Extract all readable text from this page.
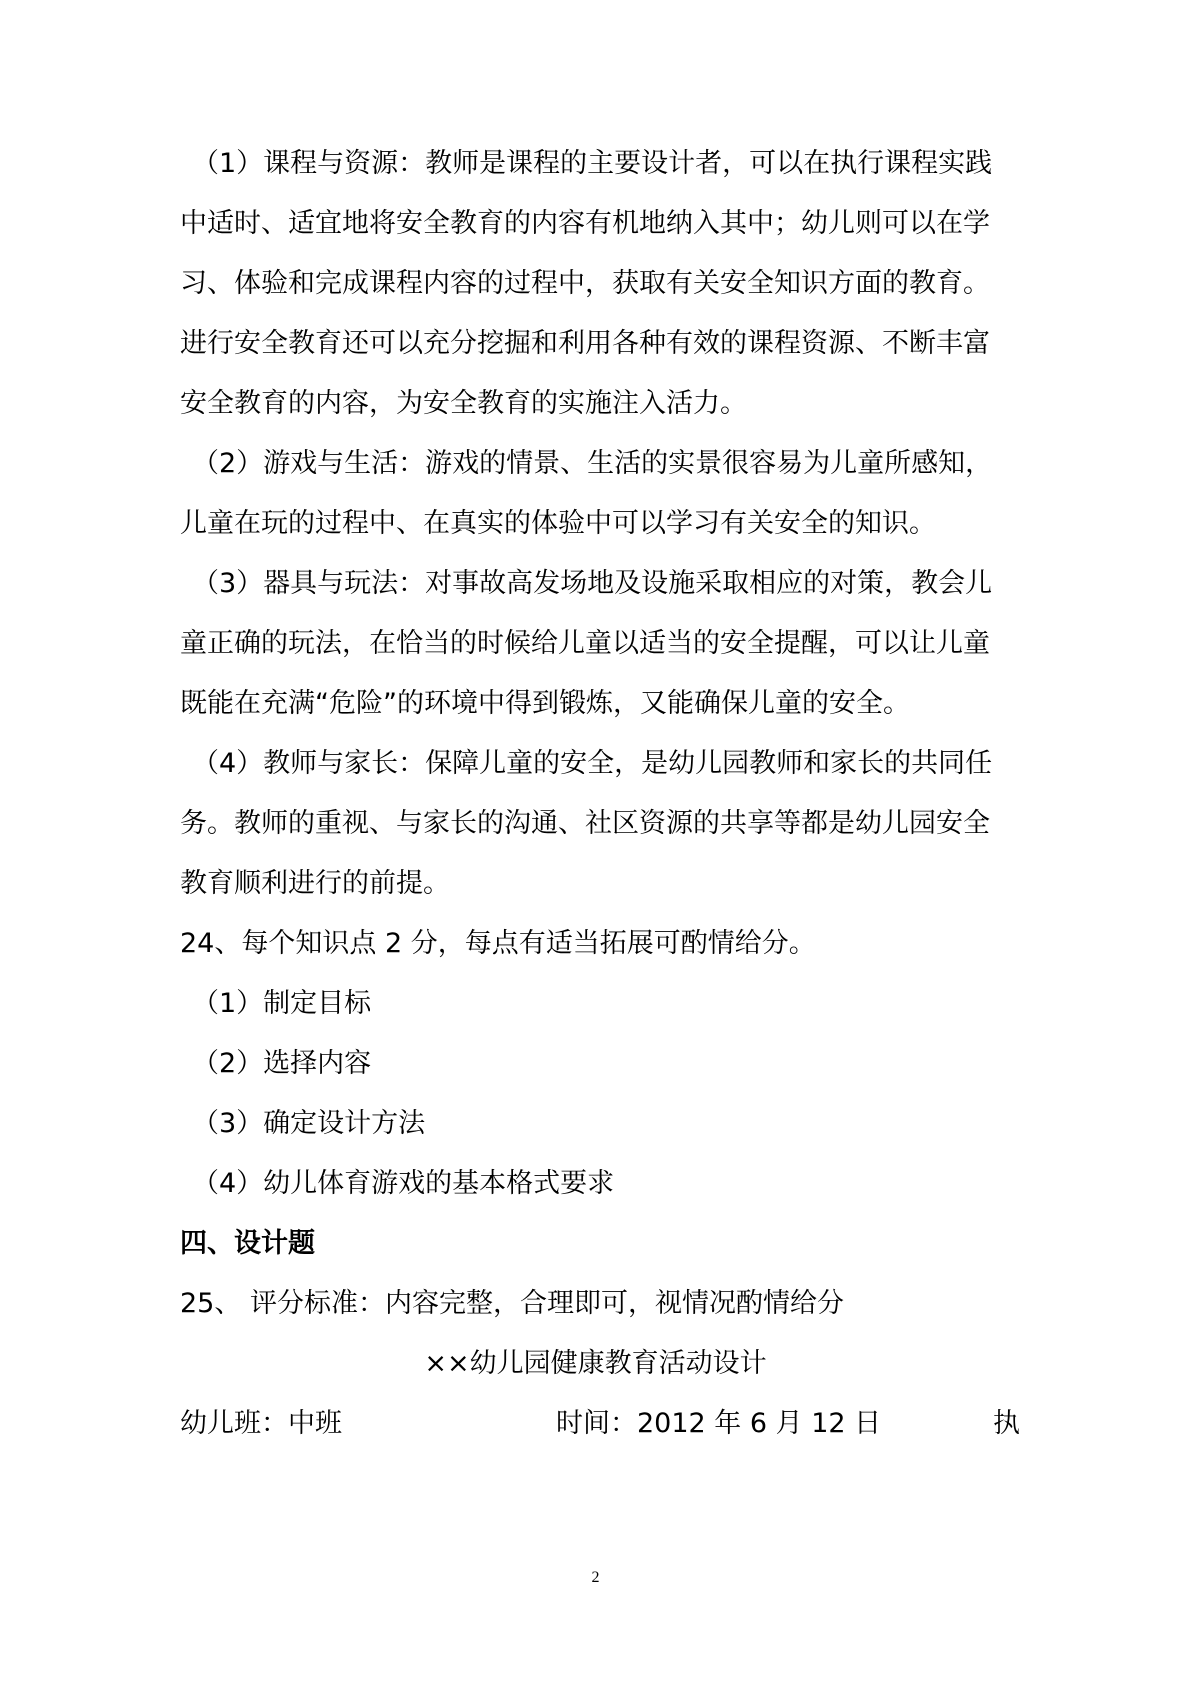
（1）课程与资源：教师是课程的主要设计者，可以在执行课程实践
中适时、适宜地将安全教育的内容有机地纳入其中；幼儿则可以在学
习、体验和完成课程内容的过程中，获取有关安全知识方面的教育。
进行安全教育还可以充分挖掘和利用各种有效的课程资源、不断丰富
安全教育的内容，为安全教育的实施注入活力。
（2）游戏与生活：游戏的情景、生活的实景很容易为儿童所感知，
儿童在玩的过程中、在真实的体验中可以学习有关安全的知识。
（3）器具与玩法：对事故高发场地及设施采取相应的对策，教会儿
童正确的玩法，在恰当的时候给儿童以适当的安全提醒，可以让儿童
既能在充满“危险”的环境中得到锻炼，又能确保儿童的安全。
（4）教师与家长：保障儿童的安全，是幼儿园教师和家长的共同任
务。教师的重视、与家长的沟通、社区资源的共享等都是幼儿园安全
教育顺利进行的前提。
24、每个知识点 2 分，每点有适当拓展可酌情给分。
（1）制定目标
（2）选择内容
（3）确定设计方法
（4）幼儿体育游戏的基本格式要求
四、设计题
25、 评分标准：内容完整，合理即可，视情况酌情给分
××幼儿园健康教育活动设计
幼儿班：中班	时间：2012 年 6 月 12 日	执
2
